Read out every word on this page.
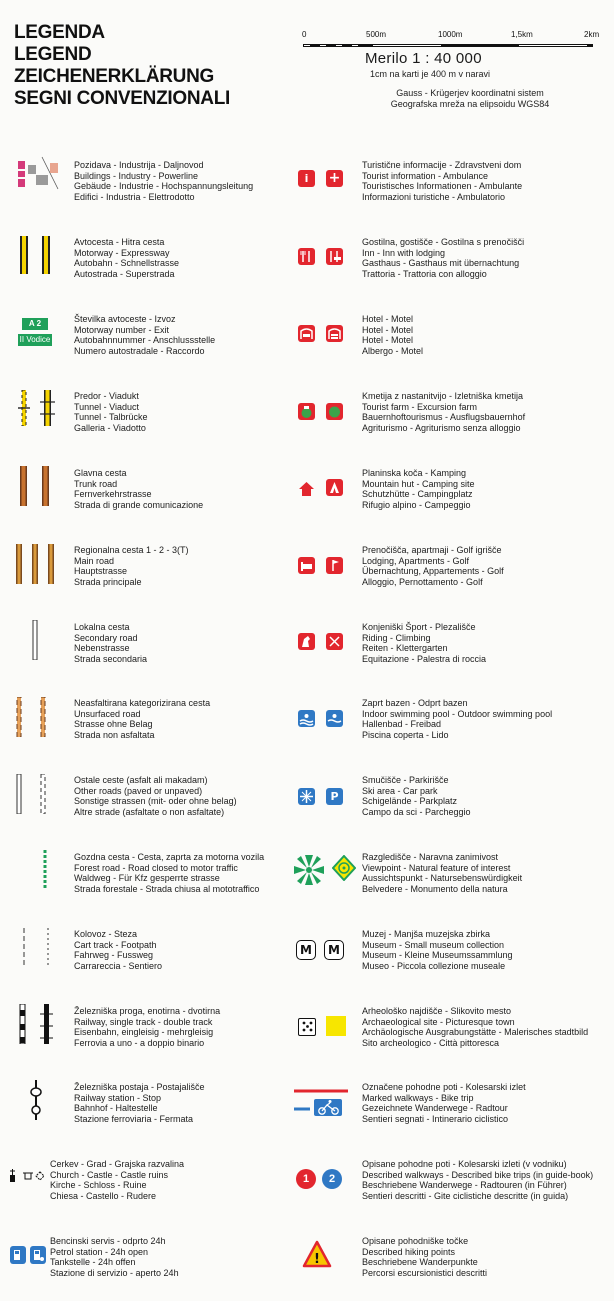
LEGENDA
LEGEND
ZEICHENERKLÄRUNG
SEGNI CONVENZIONALI
0	500m	1000m	1,5km	2km
Merilo 1 : 40 000
1cm na karti je 400 m v naravi
Gauss - Krügerjev koordinatni sistem
Geografska mreža na elipsoidu WGS84
Pozidava - Industrija - Daljnovod
Buildings - Industry - Powerline
Gebäude - Industrie - Hochspannungsleitung
Edifici - Industria - Elettrodotto
Avtocesta - Hitra cesta
Motorway - Expressway
Autobahn - Schnellstrasse
Autostrada - Superstrada
Številka avtoceste - Izvoz
Motorway number - Exit
Autobahnnummer - Anschlussstelle
Numero autostradale - Raccordo
Predor - Viadukt
Tunnel - Viaduct
Tunnel - Talbrücke
Galleria - Viadotto
Glavna cesta
Trunk road
Fernverkehrstrasse
Strada di grande comunicazione
Regionalna cesta 1 - 2 - 3(T)
Main road
Hauptstrasse
Strada principale
Lokalna cesta
Secondary road
Nebenstrasse
Strada secondaria
Neasfaltirana kategorizirana cesta
Unsurfaced road
Strasse ohne Belag
Strada non asfaltata
Ostale ceste (asfalt ali makadam)
Other roads (paved or unpaved)
Sonstige strassen (mit- oder ohne belag)
Altre strade (asfaltate o non asfaltate)
Gozdna cesta - Cesta, zaprta za motorna vozila
Forest road - Road closed to motor traffic
Waldweg - Für Kfz gesperrte strasse
Strada forestale - Strada chiusa al mototraffico
Kolovoz - Steza
Cart track - Footpath
Fahrweg - Fussweg
Carrareccia - Sentiero
Železniška proga, enotirna - dvotirna
Railway, single track - double track
Eisenbahn, eingleisig - mehrgleisig
Ferrovia a uno - a doppio binario
Železniška postaja - Postajališče
Railway station - Stop
Bahnhof - Haltestelle
Stazione ferroviaria - Fermata
Cerkev - Grad - Grajska razvalina
Church - Castle - Castle ruins
Kirche - Schloss - Ruine
Chiesa - Castello - Rudere
Bencinski servis - odprto 24h
Petrol station - 24h open
Tankstelle - 24h offen
Stazione di servizio - aperto 24h
Turistične informacije - Zdravstveni dom
Tourist information - Ambulance
Touristisches Informationen - Ambulante
Informazioni turistiche - Ambulatorio
Gostilna, gostišče - Gostilna s prenočišči
Inn - Inn with lodging
Gasthaus - Gasthaus mit übernachtung
Trattoria - Trattoria con alloggio
Hotel - Motel
Hotel - Motel
Hotel - Motel
Albergo - Motel
Kmetija z nastanitvijo - Izletniška kmetija
Tourist farm - Excursion farm
Bauernhoftourismus - Ausflugsbauernhof
Agriturismo - Agriturismo senza alloggio
Planinska koča - Kamping
Mountain hut - Camping site
Schutzhütte - Campingplatz
Rifugio alpino - Campeggio
Prenočišča, apartmaji - Golf igrišče
Lodging, Apartments - Golf
Übernachtung, Appartements - Golf
Alloggio, Pernottamento - Golf
Konjeniški Šport - Plezališče
Riding - Climbing
Reiten - Klettergarten
Equitazione - Palestra di roccia
Zaprt bazen - Odprt bazen
Indoor swimming pool - Outdoor swimming pool
Hallenbad - Freibad
Piscina coperta - Lido
Smučišče - Parkirišče
Ski area - Car park
Schigelände - Parkplatz
Campo da sci - Parcheggio
Razgledišče - Naravna zanimivost
Viewpoint - Natural feature of interest
Aussichtspunkt - Natursebenswürdigkeit
Belvedere - Monumento della natura
Muzej - Manjša muzejska zbirka
Museum - Small museum collection
Museum - Kleine Museumssammlung
Museo - Piccola collezione museale
Arheološko najdišče - Slikovito mesto
Archaeological site - Picturesque town
Archäologische Ausgrabungstätte - Malerisches stadtbild
Sito archeologico - Città pittoresca
Označene pohodne poti - Kolesarski izlet
Marked walkways - Bike trip
Gezeichnete Wanderwege - Radtour
Sentieri segnati - Intinerario ciclistico
Opisane pohodne poti - Kolesarski izleti (v vodniku)
Described walkways - Described bike trips (in guide-book)
Beschriebene Wanderwege - Radtouren (in Führer)
Sentieri descritti - Gite ciclistiche descritte (in guida)
Opisane pohodniške točke
Described hiking points
Beschriebene Wanderpunkte
Percorsi escursionistici descritti
A 2
II Vodice
i	+
P
M	M
1	2
!
